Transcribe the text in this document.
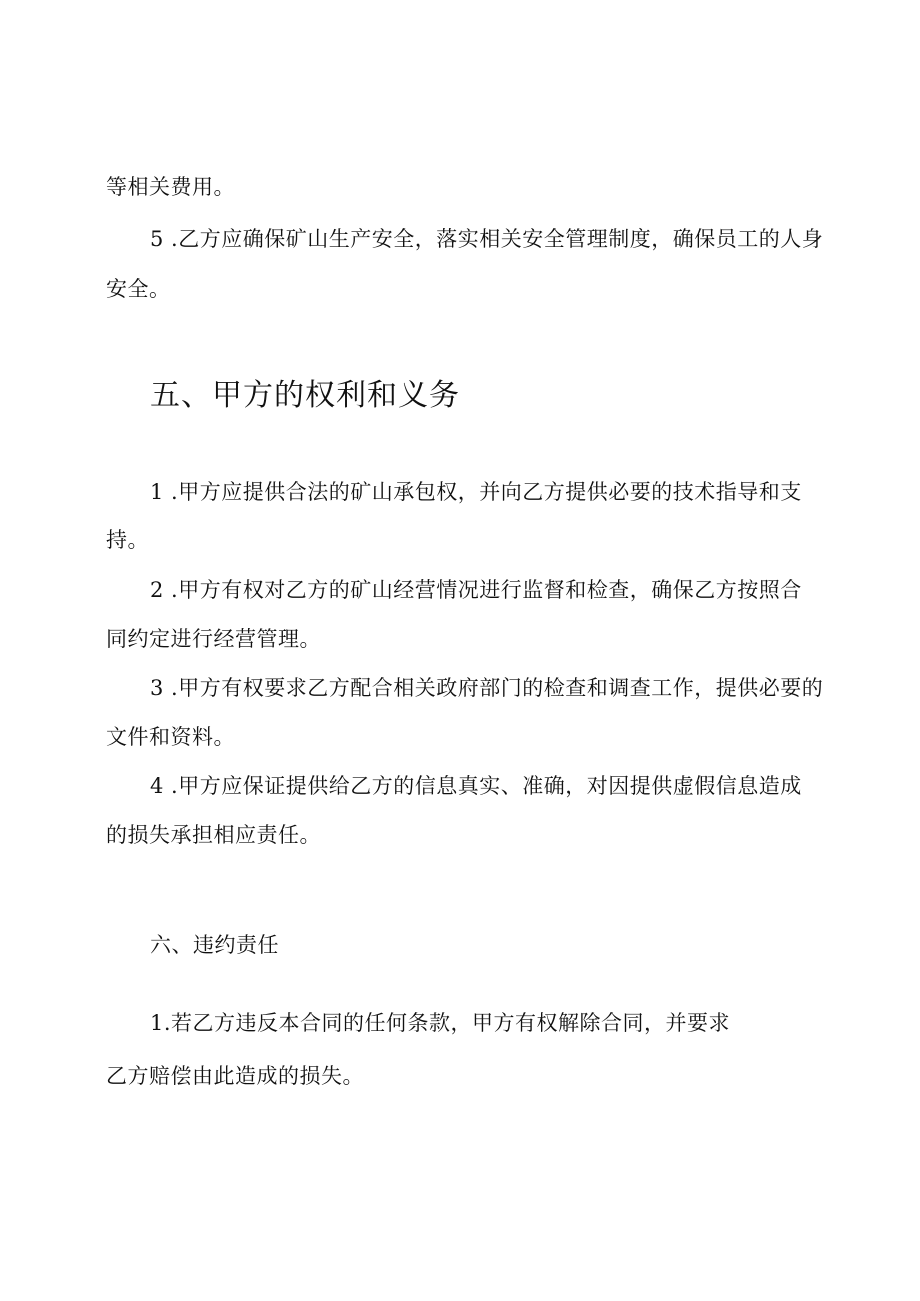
等相关费用。
5 .乙方应确保矿山生产安全，落实相关安全管理制度，确保员工的人身
安全。
五、甲方的权利和义务
1 .甲方应提供合法的矿山承包权，并向乙方提供必要的技术指导和支
持。
2 .甲方有权对乙方的矿山经营情况进行监督和检查，确保乙方按照合
同约定进行经营管理。
3 .甲方有权要求乙方配合相关政府部门的检查和调查工作，提供必要的
文件和资料。
4 .甲方应保证提供给乙方的信息真实、准确，对因提供虚假信息造成
的损失承担相应责任。
六、违约责任
1.若乙方违反本合同的任何条款，甲方有权解除合同，并要求
乙方赔偿由此造成的损失。
